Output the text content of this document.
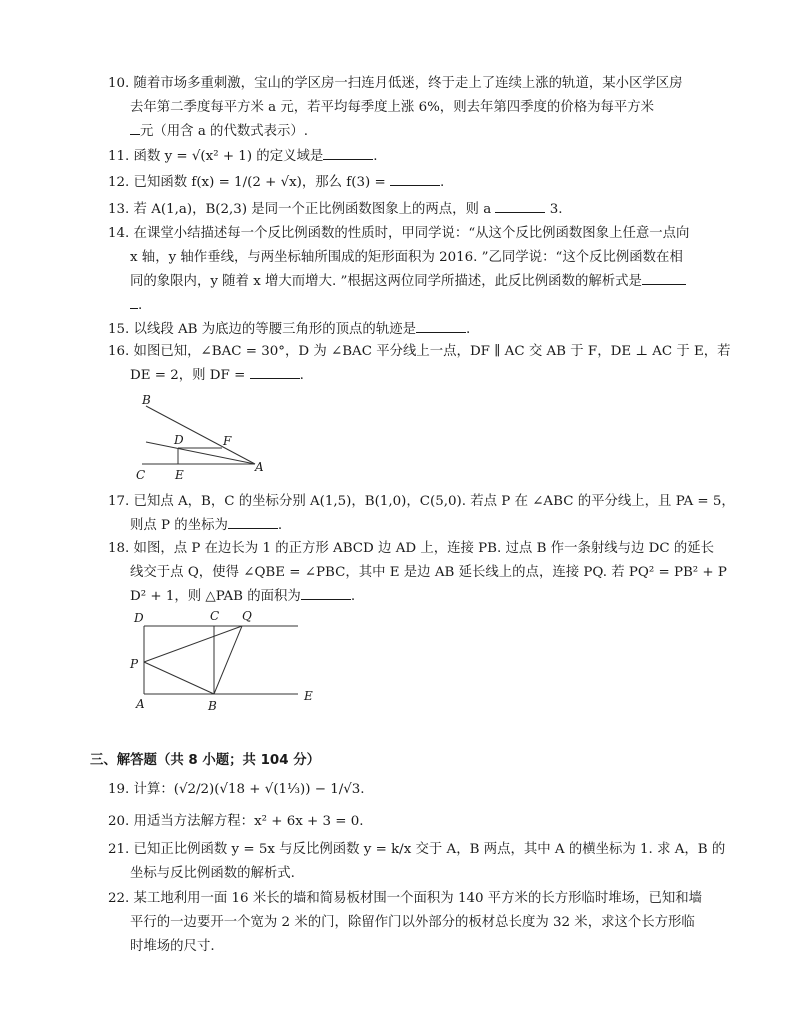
10. 随着市场多重刺激，宝山的学区房一扫连月低迷，终于走上了连续上涨的轨道，某小区学区房
去年第二季度每平方米 a 元，若平均每季度上涨 6%，则去年第四季度的价格为每平方米
元（用含 a 的代数式表示）.
11. 函数 y = √(x² + 1) 的定义域是	.
12. 已知函数 f(x) = 1/(2 + √x)，那么 f(3) =	.
13. 若 A(1,a)，B(2,3) 是同一个正比例函数图象上的两点，则 a	3.
14. 在课堂小结描述每一个反比例函数的性质时，甲同学说：“从这个反比例函数图象上任意一点向
x 轴，y 轴作垂线，与两坐标轴所围成的矩形面积为 2016. ”乙同学说：“这个反比例函数在相
同的象限内，y 随着 x 增大而增大. ”根据这两位同学所描述，此反比例函数的解析式是
.
15. 以线段 AB 为底边的等腰三角形的顶点的轨迹是	.
16. 如图已知，∠BAC = 30°，D 为 ∠BAC 平分线上一点，DF ∥ AC 交 AB 于 F，DE ⊥ AC 于 E，若
DE = 2，则 DF =	.
B
D	F
C E
A
17. 已知点 A，B，C 的坐标分别 A(1,5)，B(1,0)，C(5,0). 若点 P 在 ∠ABC 的平分线上，且 PA = 5，
则点 P 的坐标为	.
18. 如图，点 P 在边长为 1 的正方形 ABCD 边 AD 上，连接 PB. 过点 B 作一条射线与边 DC 的延长
线交于点 Q，使得 ∠QBE = ∠PBC，其中 E 是边 AB 延长线上的点，连接 PQ. 若 PQ² = PB² + P
D² + 1，则 △PAB 的面积为	.
D	C Q
P
A	B
E
三、解答题（共 8 小题；共 104 分）
19. 计算：(√2/2)(√18 + √(1⅓)) − 1/√3.
20. 用适当方法解方程：x² + 6x + 3 = 0.
21. 已知正比例函数 y = 5x 与反比例函数 y = k/x 交于 A，B 两点，其中 A 的横坐标为 1. 求 A，B 的
坐标与反比例函数的解析式.
22. 某工地利用一面 16 米长的墙和简易板材围一个面积为 140 平方米的长方形临时堆场，已知和墙
平行的一边要开一个宽为 2 米的门，除留作门以外部分的板材总长度为 32 米，求这个长方形临
时堆场的尺寸.
